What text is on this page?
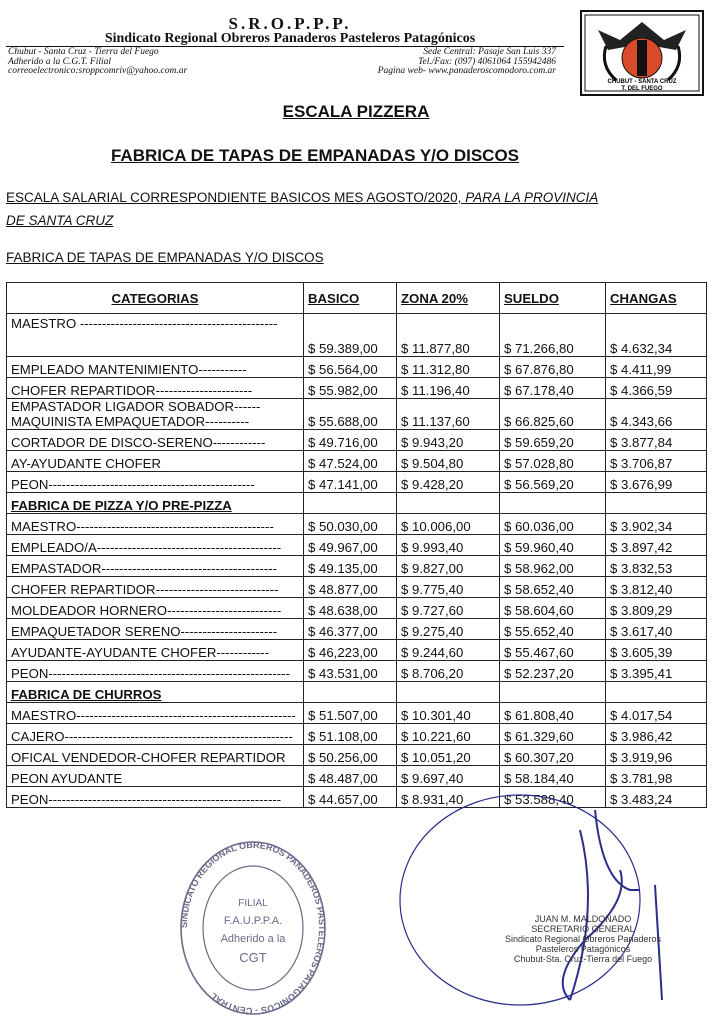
S.R.O.P.P.P.
Sindicato Regional Obreros Panaderos Pasteleros Patagónicos
Chubut - Santa Cruz - Tierra del Fuego
Adherido a la C.G.T. Filial
correoelectronico:sroppcomriv@yahoo.com.ar
Sede Central: Pasaje San Luis 337
Tel./Fax: (097) 4061064 155942486
Pagina web- www.panaderoscomodoro.com.ar
CHUBUT - SANTA CRUZ
T. DEL FUEGO
ESCALA PIZZERA
FABRICA DE TAPAS DE EMPANADAS Y/O DISCOS
ESCALA SALARIAL CORRESPONDIENTE BASICOS MES AGOSTO/2020, PARA LA PROVINCIA DE SANTA CRUZ
FABRICA DE TAPAS DE EMPANADAS Y/O DISCOS
CATEGORIAS	BASICO	ZONA 20%	SUELDO	CHANGAS
MAESTRO ---------------------------------------------	$ 59.389,00	$ 11.877,80	$ 71.266,80	$ 4.632,34
EMPLEADO MANTENIMIENTO-----------	$ 56.564,00	$ 11.312,80	$ 67.876,80	$ 4.411,99
CHOFER REPARTIDOR----------------------	$ 55.982,00	$ 11.196,40	$ 67.178,40	$ 4.366,59

EMPASTADOR LIGADOR SOBADOR------
MAQUINISTA EMPAQUETADOR----------	$ 55.688,00	$ 11.137,60	$ 66.825,60	$ 4.343,66
CORTADOR DE DISCO-SERENO------------	$ 49.716,00	$ 9.943,20	$ 59.659,20	$ 3.877,84
AY-AYUDANTE CHOFER	$ 47.524,00	$ 9.504,80	$ 57.028,80	$ 3.706,87
PEON-----------------------------------------------	$ 47.141,00	$ 9.428,20	$ 56.569,20	$ 3.676,99
FABRICA DE PIZZA Y/O PRE-PIZZA				
MAESTRO---------------------------------------------	$ 50.030,00	$ 10.006,00	$ 60.036,00	$ 3.902,34
EMPLEADO/A------------------------------------------	$ 49.967,00	$ 9.993,40	$ 59.960,40	$ 3.897,42
EMPASTADOR----------------------------------------	$ 49.135,00	$ 9.827,00	$ 58.962,00	$ 3.832,53
CHOFER REPARTIDOR----------------------------	$ 48.877,00	$ 9.775,40	$ 58.652,40	$ 3.812,40
MOLDEADOR HORNERO--------------------------	$ 48.638,00	$ 9.727,60	$ 58.604,60	$ 3.809,29
EMPAQUETADOR SERENO----------------------	$ 46.377,00	$ 9.275,40	$ 55.652,40	$ 3.617,40
AYUDANTE-AYUDANTE CHOFER------------	$ 46,223,00	$ 9.244,60	$ 55.467,60	$ 3.605,39
PEON-------------------------------------------------------	$ 43.531,00	$ 8.706,20	$ 52.237,20	$ 3.395,41
FABRICA DE CHURROS				
MAESTRO--------------------------------------------------	$ 51.507,00	$ 10.301,40	$ 61.808,40	$ 4.017,54
CAJERO----------------------------------------------------	$ 51.108,00	$ 10.221,60	$ 61.329,60	$ 3.986,42
OFICAL VENDEDOR-CHOFER REPARTIDOR	$ 50.256,00	$ 10.051,20	$ 60.307,20	$ 3.919,96
PEON AYUDANTE	$ 48.487,00	$ 9.697,40	$ 58.184,40	$ 3.781,98
PEON-----------------------------------------------------	$ 44.657,00	$ 8.931,40	$ 53.588,40	$ 3.483,24
SINDICATO REGIONAL OBREROS PANADEROS PASTELEROS PATAGONICOS - CENTRAL
FILIAL
F.A.U.P.P.A.
Adherido a la
CGT
JUAN M. MALDONADO
SECRETARIO GENERAL
Sindicato Regional Obreros Panaderos
Pasteleros Patagónicos
Chubut-Sta. Cruz-Tierra del Fuego
